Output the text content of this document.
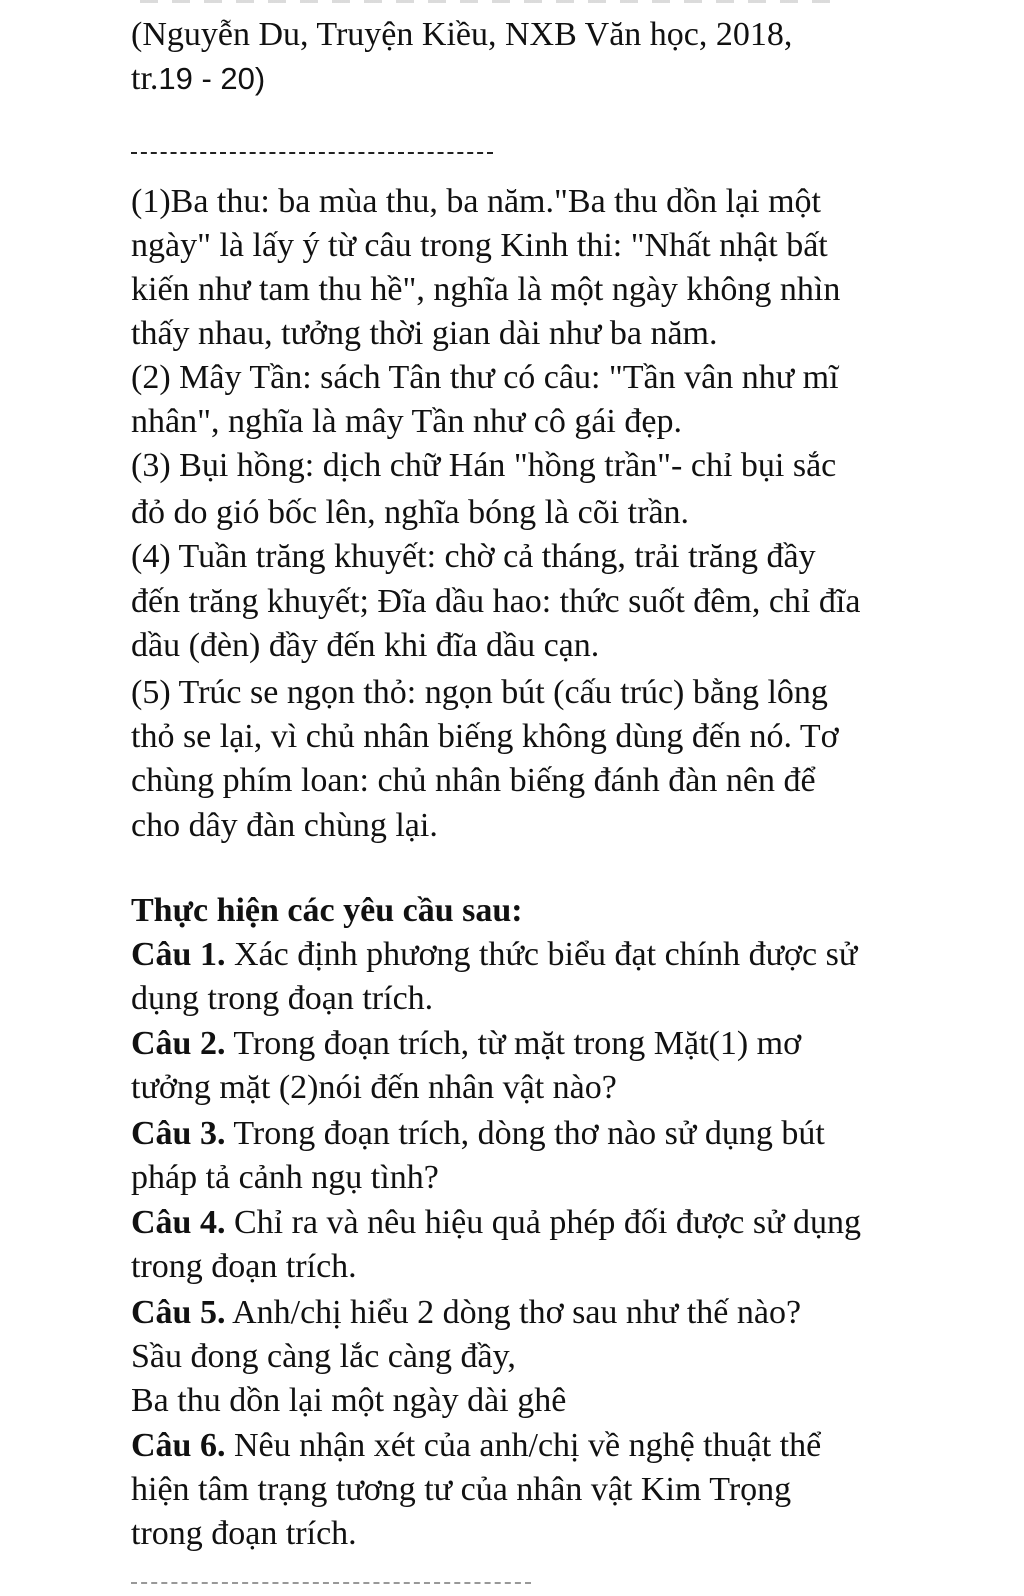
(Nguyễn Du, Truyện Kiều, NXB Văn học, 2018,
tr.19 - 20)
(1)Ba thu: ba mùa thu, ba năm."Ba thu dồn lại một
ngày" là lấy ý từ câu trong Kinh thi: "Nhất nhật bất
kiến như tam thu hề", nghĩa là một ngày không nhìn
thấy nhau, tưởng thời gian dài như ba năm.
(2) Mây Tần: sách Tân thư có câu: "Tần vân như mĩ
nhân", nghĩa là mây Tần như cô gái đẹp.
(3) Bụi hồng: dịch chữ Hán "hồng trần"- chỉ bụi sắc
đỏ do gió bốc lên, nghĩa bóng là cõi trần.
(4) Tuần trăng khuyết: chờ cả tháng, trải trăng đầy
đến trăng khuyết; Đĩa dầu hao: thức suốt đêm, chỉ đĩa
dầu (đèn) đầy đến khi đĩa dầu cạn.
(5) Trúc se ngọn thỏ: ngọn bút (cấu trúc) bằng lông
thỏ se lại, vì chủ nhân biếng không dùng đến nó. Tơ
chùng phím loan: chủ nhân biếng đánh đàn nên để
cho dây đàn chùng lại.
Thực hiện các yêu cầu sau:
Câu 1. Xác định phương thức biểu đạt chính được sử
dụng trong đoạn trích.
Câu 2. Trong đoạn trích, từ mặt trong Mặt(1) mơ
tưởng mặt (2)nói đến nhân vật nào?
Câu 3. Trong đoạn trích, dòng thơ nào sử dụng bút
pháp tả cảnh ngụ tình?
Câu 4. Chỉ ra và nêu hiệu quả phép đối được sử dụng
trong đoạn trích.
Câu 5. Anh/chị hiểu 2 dòng thơ sau như thế nào?
Sầu đong càng lắc càng đầy,
Ba thu dồn lại một ngày dài ghê
Câu 6. Nêu nhận xét của anh/chị về nghệ thuật thể
hiện tâm trạng tương tư của nhân vật Kim Trọng
trong đoạn trích.
